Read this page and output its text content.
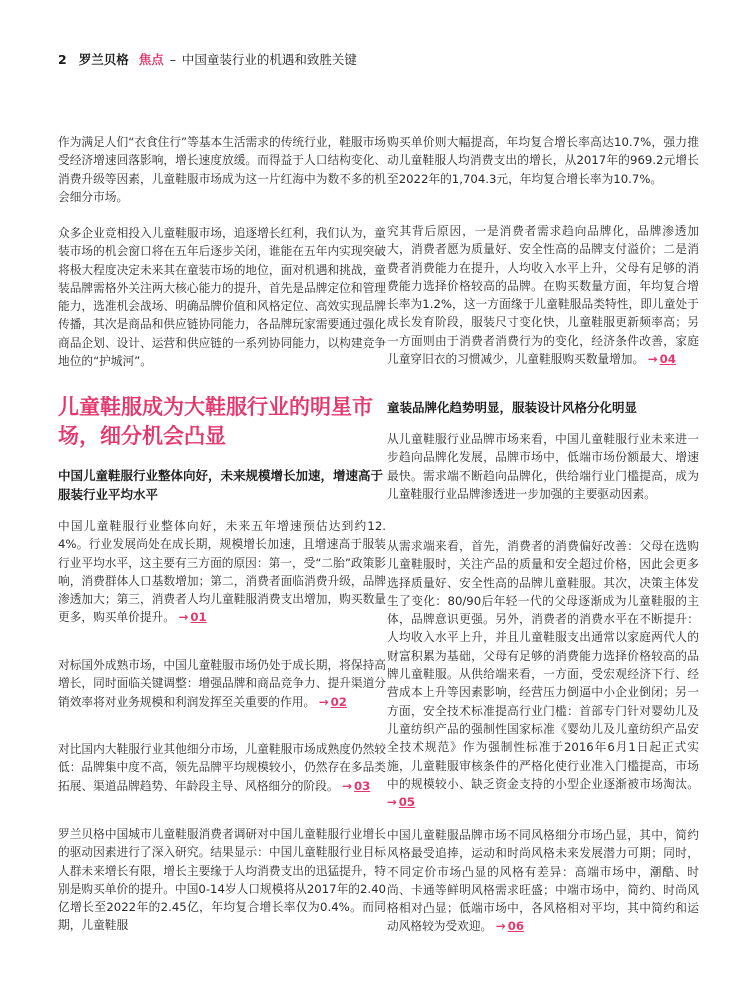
2 罗兰贝格 焦点 – 中国童装行业的机遇和致胜关键

作为满足人们“衣食住行”等基本生活需求的传统行业，鞋服市场受经济增速回落影响，增长速度放缓。而得益于人口结构变化、消费升级等因素，儿童鞋服市场成为这一片红海中为数不多的机会细分市场。

众多企业竞相投入儿童鞋服市场，追逐增长红利，我们认为，童装市场的机会窗口将在五年后逐步关闭，谁能在五年内实现突破将极大程度决定未来其在童装市场的地位，面对机遇和挑战，童装品牌需格外关注两大核心能力的提升，首先是品牌定位和管理能力，选准机会战场、明确品牌价值和风格定位、高效实现品牌传播，其次是商品和供应链协同能力，各品牌玩家需要通过强化商品企划、设计、运营和供应链的一系列协同能力，以构建竞争地位的“护城河”。

儿童鞋服成为大鞋服行业的明星市场，细分机会凸显
中国儿童鞋服行业整体向好，未来规模增长加速，增速高于服装行业平均水平

中国儿童鞋服行业整体向好，未来五年增速预估达到约12.4%。行业发展尚处在成长期，规模增长加速，且增速高于服装行业平均水平，这主要有三方面的原因：第一，受“二胎”政策影响，消费群体人口基数增加；第二，消费者面临消费升级，品牌渗透加大；第三，消费者人均儿童鞋服消费支出增加，购买数量更多，购买单价提升。 → 01

对标国外成熟市场，中国儿童鞋服市场仍处于成长期，将保持高增长，同时面临关键调整：增强品牌和商品竞争力、提升渠道分销效率将对业务规模和利润发挥至关重要的作用。 → 02

对比国内大鞋服行业其他细分市场，儿童鞋服市场成熟度仍然较低：品牌集中度不高，领先品牌平均规模较小，仍然存在多品类拓展、渠道品牌趋势、年龄段主导、风格细分的阶段。 → 03

罗兰贝格中国城市儿童鞋服消费者调研对中国儿童鞋服行业增长的驱动因素进行了深入研究。结果显示：中国儿童鞋服行业目标人群未来增长有限，增长主要缘于人均消费支出的迅猛提升，特别是购买单价的提升。中国0-14岁人口规模将从2017年的2.40亿增长至2022年的2.45亿，年均复合增长率仅为0.4%。而同期，儿童鞋服

购买单价则大幅提高，年均复合增长率高达10.7%，强力推动儿童鞋服人均消费支出的增长，从2017年的969.2元增长至2022年的1,704.3元，年均复合增长率为10.7%。

究其背后原因，一是消费者需求趋向品牌化，品牌渗透加大，消费者愿为质量好、安全性高的品牌支付溢价；二是消费者消费能力在提升，人均收入水平上升，父母有足够的消费能力选择价格较高的品牌。在购买数量方面，年均复合增长率为1.2%，这一方面缘于儿童鞋服品类特性，即儿童处于成长发育阶段，服装尺寸变化快，儿童鞋服更新频率高；另一方面则由于消费者消费行为的变化，经济条件改善，家庭儿童穿旧衣的习惯减少，儿童鞋服购买数量增加。 → 04

童装品牌化趋势明显，服装设计风格分化明显

从儿童鞋服行业品牌市场来看，中国儿童鞋服行业未来进一步趋向品牌化发展，品牌市场中，低端市场份额最大、增速最快。需求端不断趋向品牌化，供给端行业门槛提高，成为儿童鞋服行业品牌渗透进一步加强的主要驱动因素。

从需求端来看，首先，消费者的消费偏好改善：父母在选购儿童鞋服时，关注产品的质量和安全超过价格，因此会更多选择质量好、安全性高的品牌儿童鞋服。其次，决策主体发生了变化：80/90后年轻一代的父母逐渐成为儿童鞋服的主体，品牌意识更强。另外，消费者的消费水平在不断提升：人均收入水平上升，并且儿童鞋服支出通常以家庭两代人的财富积累为基础，父母有足够的消费能力选择价格较高的品牌儿童鞋服。从供给端来看，一方面，受宏观经济下行、经营成本上升等因素影响，经营压力倒逼中小企业倒闭；另一方面，安全技术标准提高行业门槛：首部专门针对婴幼儿及儿童纺织产品的强制性国家标准《婴幼儿及儿童纺织产品安全技术规范》作为强制性标准于2016年6月1日起正式实施，儿童鞋服审核条件的严格化使行业准入门槛提高，市场中的规模较小、缺乏资金支持的小型企业逐渐被市场淘汰。 → 05

中国儿童鞋服品牌市场不同风格细分市场凸显，其中，简约风格最受追捧，运动和时尚风格未来发展潜力可期；同时，不同定价市场凸显的风格有差异：高端市场中，潮酷、时尚、卡通等鲜明风格需求旺盛；中端市场中，简约、时尚风格相对凸显；低端市场中，各风格相对平均，其中简约和运动风格较为受欢迎。 → 06
